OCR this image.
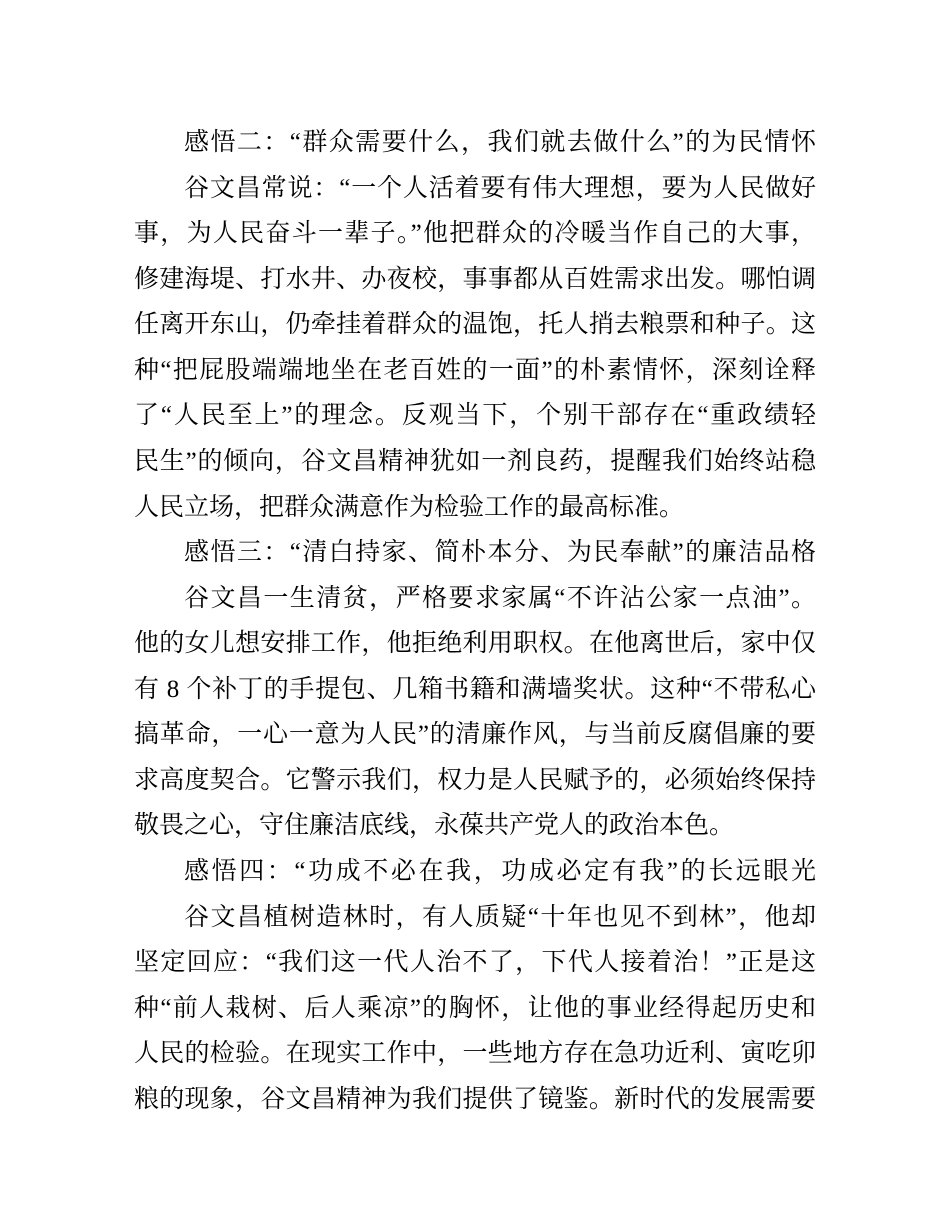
感悟二：“群众需要什么，我们就去做什么”的为民情怀
谷文昌常说：“一个人活着要有伟大理想，要为人民做好
事，为人民奋斗一辈子。”他把群众的冷暖当作自己的大事，
修建海堤、打水井、办夜校，事事都从百姓需求出发。哪怕调
任离开东山，仍牵挂着群众的温饱，托人捎去粮票和种子。这
种“把屁股端端地坐在老百姓的一面”的朴素情怀，深刻诠释
了“人民至上”的理念。反观当下，个别干部存在“重政绩轻
民生”的倾向，谷文昌精神犹如一剂良药，提醒我们始终站稳
人民立场，把群众满意作为检验工作的最高标准。
感悟三：“清白持家、简朴本分、为民奉献”的廉洁品格
谷文昌一生清贫，严格要求家属“不许沾公家一点油”。
他的女儿想安排工作，他拒绝利用职权。在他离世后，家中仅
有 8 个补丁的手提包、几箱书籍和满墙奖状。这种“不带私心
搞革命，一心一意为人民”的清廉作风，与当前反腐倡廉的要
求高度契合。它警示我们，权力是人民赋予的，必须始终保持
敬畏之心，守住廉洁底线，永葆共产党人的政治本色。
感悟四：“功成不必在我，功成必定有我”的长远眼光
谷文昌植树造林时，有人质疑“十年也见不到林”，他却
坚定回应：“我们这一代人治不了，下代人接着治！”正是这
种“前人栽树、后人乘凉”的胸怀，让他的事业经得起历史和
人民的检验。在现实工作中，一些地方存在急功近利、寅吃卯
粮的现象，谷文昌精神为我们提供了镜鉴。新时代的发展需要
